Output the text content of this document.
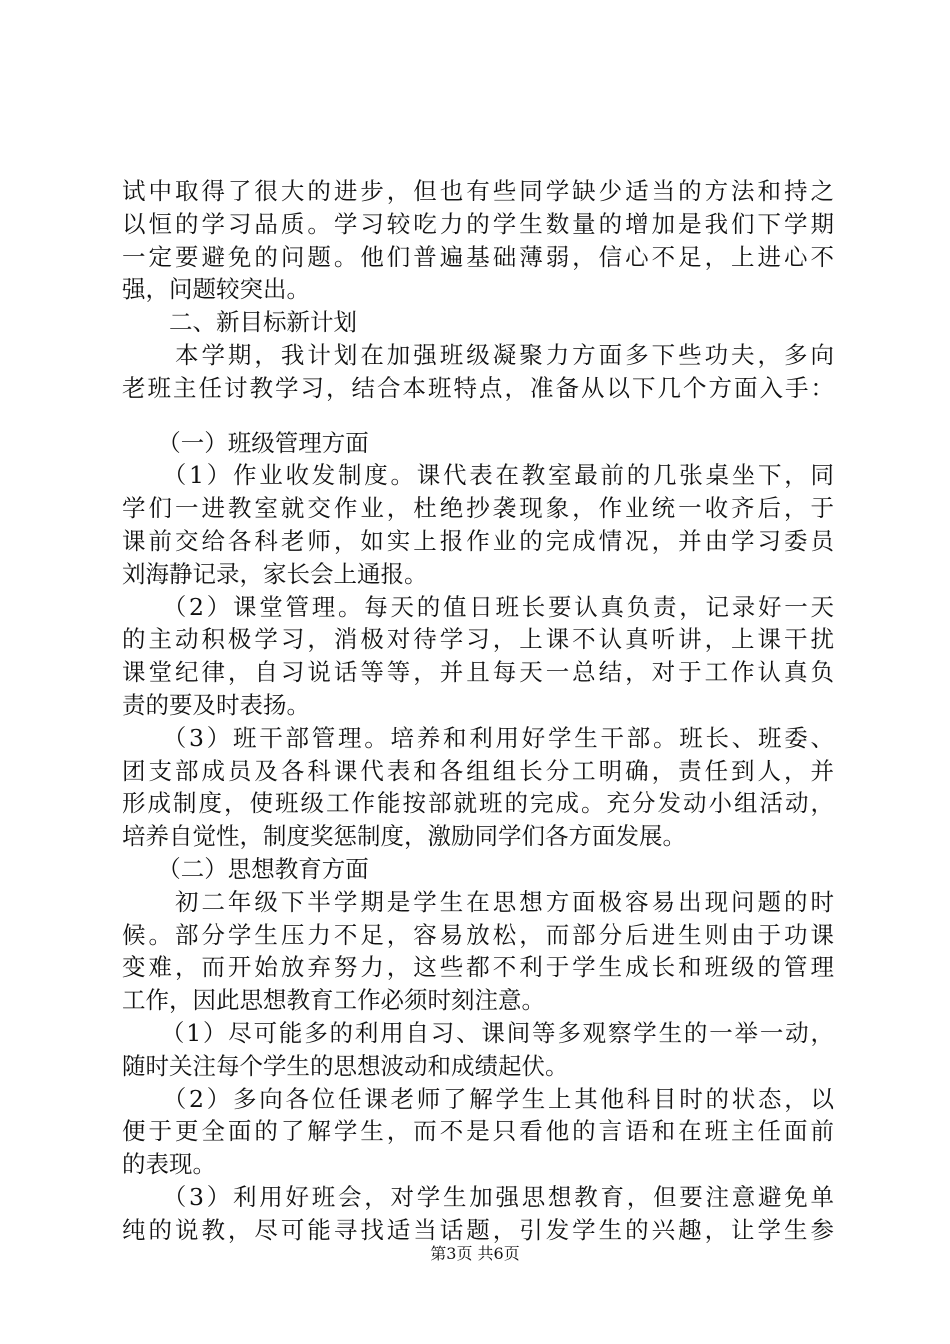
试中取得了很大的进步，但也有些同学缺少适当的方法和持之
以恒的学习品质。学习较吃力的学生数量的增加是我们下学期
一定要避免的问题。他们普遍基础薄弱，信心不足，上进心不
强，问题较突出。
　　二、新目标新计划
　　本学期，我计划在加强班级凝聚力方面多下些功夫，多向
老班主任讨教学习，结合本班特点，准备从以下几个方面入手：
　　（一）班级管理方面
　　（1）作业收发制度。课代表在教室最前的几张桌坐下，同
学们一进教室就交作业，杜绝抄袭现象，作业统一收齐后，于
课前交给各科老师，如实上报作业的完成情况，并由学习委员
刘海静记录，家长会上通报。
　　（2）课堂管理。每天的值日班长要认真负责，记录好一天
的主动积极学习，消极对待学习，上课不认真听讲，上课干扰
课堂纪律，自习说话等等，并且每天一总结，对于工作认真负
责的要及时表扬。
　　（3）班干部管理。培养和利用好学生干部。班长、班委、
团支部成员及各科课代表和各组组长分工明确，责任到人，并
形成制度，使班级工作能按部就班的完成。充分发动小组活动，
培养自觉性，制度奖惩制度，激励同学们各方面发展。
　　（二）思想教育方面
　　初二年级下半学期是学生在思想方面极容易出现问题的时
候。部分学生压力不足，容易放松，而部分后进生则由于功课
变难，而开始放弃努力，这些都不利于学生成长和班级的管理
工作，因此思想教育工作必须时刻注意。
　　（1）尽可能多的利用自习、课间等多观察学生的一举一动，
随时关注每个学生的思想波动和成绩起伏。
　　（2）多向各位任课老师了解学生上其他科目时的状态，以
便于更全面的了解学生，而不是只看他的言语和在班主任面前
的表现。
　　（3）利用好班会，对学生加强思想教育，但要注意避免单
纯的说教，尽可能寻找适当话题，引发学生的兴趣，让学生参
第3页 共6页
